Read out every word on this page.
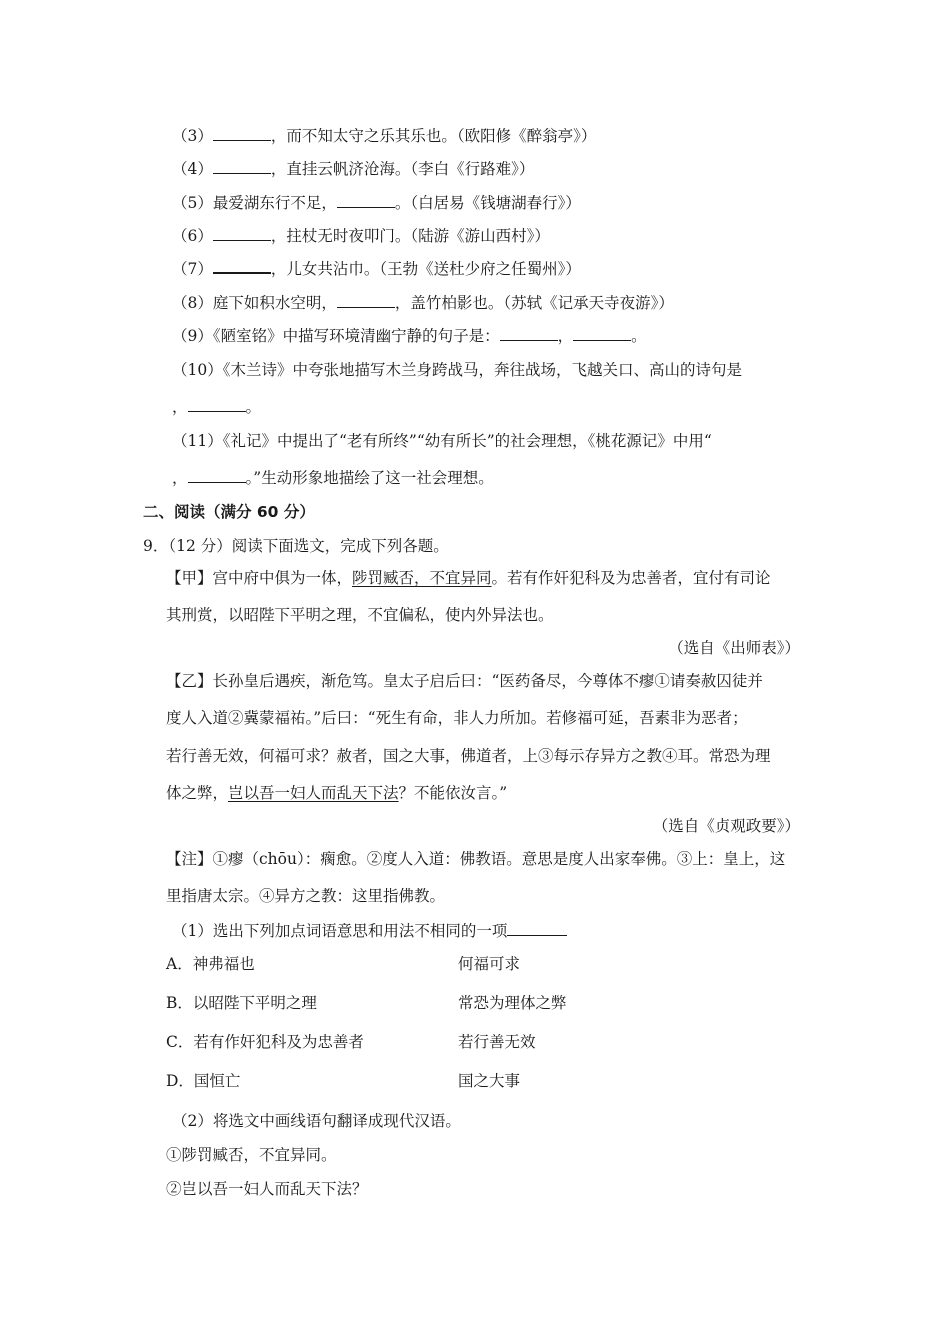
（3）	，而不知太守之乐其乐也。（欧阳修《醉翁亭》）
（4）	，直挂云帆济沧海。（李白《行路难》）
（5）最爱湖东行不足，	。（白居易《钱塘湖春行》）
（6）	，拄杖无时夜叩门。（陆游《游山西村》）
（7）	，儿女共沾巾。（王勃《送杜少府之任蜀州》）
（8）庭下如积水空明，	，盖竹柏影也。（苏轼《记承天寺夜游》）
（9）《陋室铭》中描写环境清幽宁静的句子是：	，	。
（10）《木兰诗》中夸张地描写木兰身跨战马，奔往战场，飞越关口、高山的诗句是
，	。
（11）《礼记》中提出了“老有所终”“幼有所长”的社会理想，《桃花源记》中用“
，	。”生动形象地描绘了这一社会理想。
二、阅读（满分 60 分）
9．（12 分）阅读下面选文，完成下列各题。
【甲】宫中府中俱为一体，陟罚臧否，不宜异同。若有作奸犯科及为忠善者，宜付有司论
其刑赏，以昭陛下平明之理，不宜偏私，使内外异法也。
（选自《出师表》）
【乙】长孙皇后遇疾，渐危笃。皇太子启后曰：“医药备尽，今尊体不瘳①请奏赦囚徒并
度人入道②冀蒙福祐。”后曰：“死生有命，非人力所加。若修福可延，吾素非为恶者；
若行善无效，何福可求？赦者，国之大事，佛道者，上③每示存异方之教④耳。常恐为理
体之弊，岂以吾一妇人而乱天下法？不能依汝言。”
（选自《贞观政要》）
【注】①瘳（chōu）：瘸愈。②度人入道：佛教语。意思是度人出家奉佛。③上：皇上，这
里指唐太宗。④异方之教：这里指佛教。
（1）选出下列加点词语意思和用法不相同的一项
A．神弗福也	何福可求
B．以昭陛下平明之理	常恐为理体之弊
C．若有作奸犯科及为忠善者	若行善无效
D．国恒亡	国之大事
（2）将选文中画线语句翻译成现代汉语。
①陟罚臧否，不宜异同。
②岂以吾一妇人而乱天下法？
